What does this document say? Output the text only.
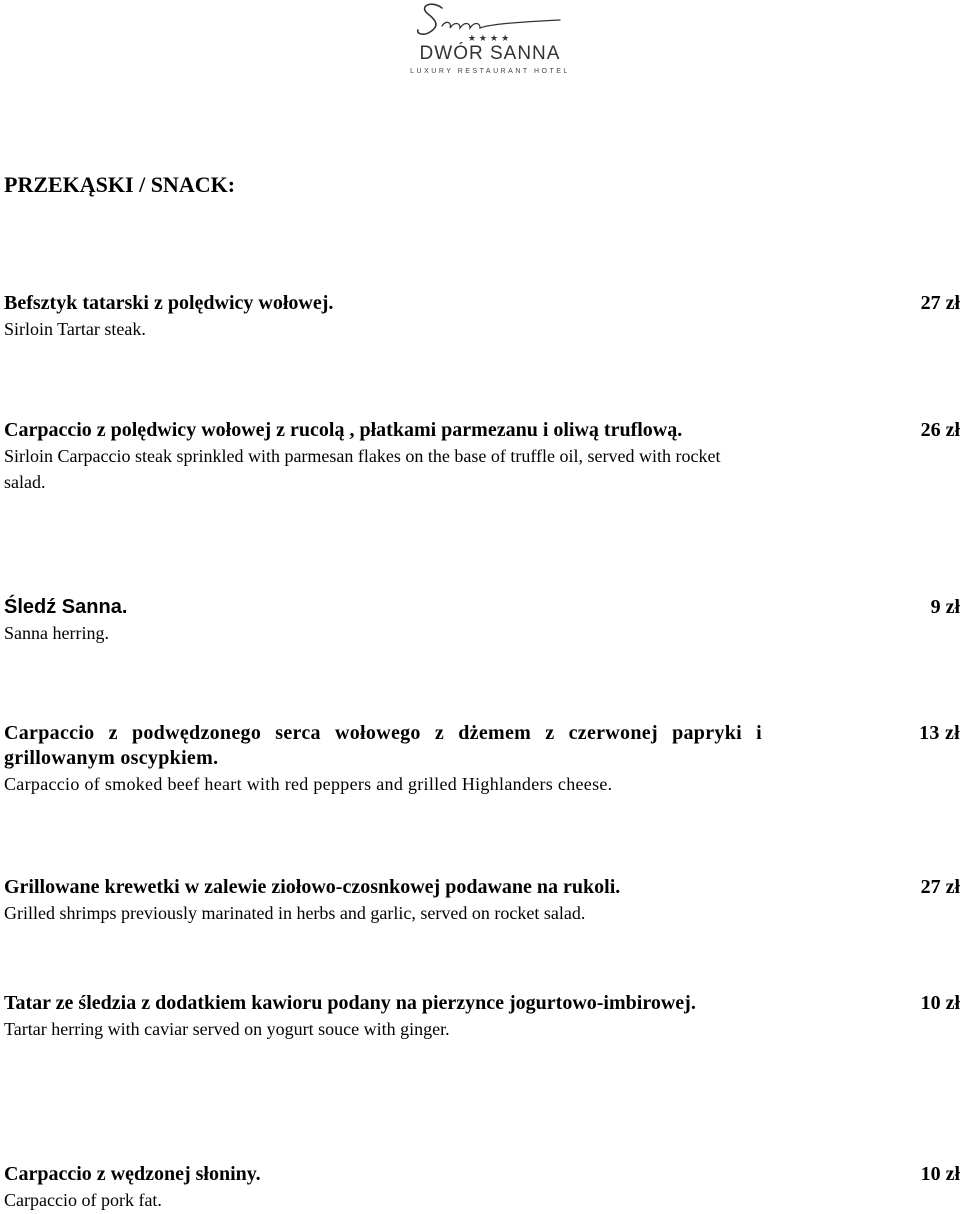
★★★★
DWÓR SANNA
LUXURY RESTAURANT HOTEL
PRZEKĄSKI / SNACK:
Befsztyk tatarski z polędwicy wołowej.
Sirloin Tartar steak.
27 zł
Carpaccio z polędwicy wołowej z rucolą , płatkami parmezanu i oliwą truflową.
Sirloin Carpaccio steak sprinkled with parmesan flakes on the base of truffle oil, served with rocket salad.
26 zł
Śledź Sanna.
Sanna herring.
9 zł
Carpaccio z podwędzonego serca wołowego z dżemem z czerwonej papryki i grillowanym oscypkiem.
Carpaccio of smoked beef heart with red peppers and grilled Highlanders cheese.
13 zł
Grillowane krewetki w zalewie ziołowo-czosnkowej podawane na rukoli.
Grilled shrimps previously marinated in herbs and garlic, served on rocket salad.
27 zł
Tatar ze śledzia z dodatkiem kawioru podany na pierzynce jogurtowo-imbirowej.
Tartar herring with caviar served on yogurt souce with ginger.
10 zł
Carpaccio z wędzonej słoniny.
Carpaccio of pork fat.
10 zł
